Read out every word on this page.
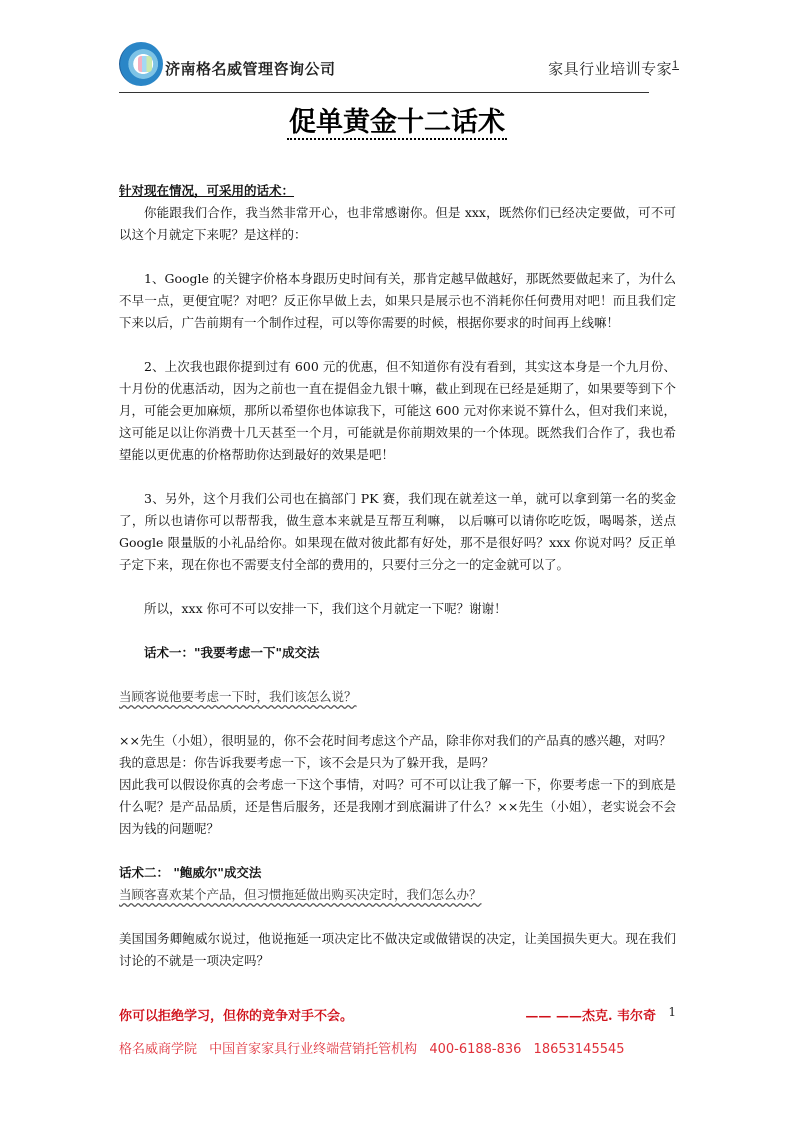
济南格名威管理咨询公司	家具行业培训专家$^1$
促单黄金十二话术

针对现在情况，可采用的话术：

你能跟我们合作，我当然非常开心，也非常感谢你。但是 xxx，既然你们已经决定要做，可不可以这个月就定下来呢？是这样的：

1、Google 的关键字价格本身跟历史时间有关，那肯定越早做越好，那既然要做起来了，为什么不早一点，更便宜呢？对吧？反正你早做上去，如果只是展示也不消耗你任何费用对吧！而且我们定下来以后，广告前期有一个制作过程，可以等你需要的时候，根据你要求的时间再上线嘛！

2、上次我也跟你提到过有 600 元的优惠，但不知道你有没有看到，其实这本身是一个九月份、十月份的优惠活动，因为之前也一直在提倡金九银十嘛，截止到现在已经是延期了，如果要等到下个月，可能会更加麻烦，那所以希望你也体谅我下，可能这 600 元对你来说不算什么，但对我们来说，这可能足以让你消费十几天甚至一个月，可能就是你前期效果的一个体现。既然我们合作了，我也希望能以更优惠的价格帮助你达到最好的效果是吧！

3、另外，这个月我们公司也在搞部门 PK 赛，我们现在就差这一单，就可以拿到第一名的奖金了，所以也请你可以帮帮我，做生意本来就是互帮互利嘛， 以后嘛可以请你吃吃饭，喝喝茶，送点 Google 限量版的小礼品给你。如果现在做对彼此都有好处，那不是很好吗？xxx 你说对吗？反正单子定下来，现在你也不需要支付全部的费用的，只要付三分之一的定金就可以了。

所以，xxx 你可不可以安排一下，我们这个月就定一下呢？谢谢！

话术一："我要考虑一下"成交法

当顾客说他要考虑一下时，我们该怎么说？

××先生（小姐），很明显的，你不会花时间考虑这个产品，除非你对我们的产品真的感兴趣，对吗？

我的意思是：你告诉我要考虑一下，该不会是只为了躲开我，是吗？

因此我可以假设你真的会考虑一下这个事情，对吗？可不可以让我了解一下，你要考虑一下的到底是什么呢？是产品品质，还是售后服务，还是我刚才到底漏讲了什么？××先生（小姐），老实说会不会因为钱的问题呢？

话术二： "鲍威尔"成交法

当顾客喜欢某个产品，但习惯拖延做出购买决定时，我们怎么办？

美国国务卿鲍威尔说过，他说拖延一项决定比不做决定或做错误的决定，让美国损失更大。现在我们讨论的不就是一项决定吗？

你可以拒绝学习，但你的竞争对手不会。	—— ——杰克. 韦尔奇 1
格名威商学院 中国首家家具行业终端营销托管机构 400-6188-836 18653145545
